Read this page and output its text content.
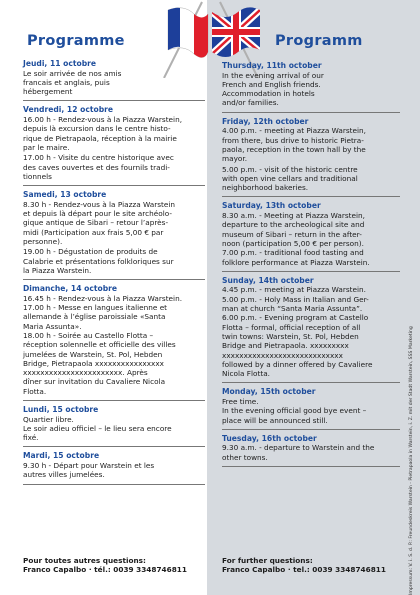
Programme
Jeudi, 11 octobre

Le soir arrivée de nos amis
francais et anglais, puis
hébergement

Vendredi, 12 octobre

16.00 h - Rendez-vous à la Piazza Warstein,
depuis là excursion dans le centre histo-
rique de Pietrapaola, réception à la mairie
par le maire.

17.00 h - Visite du centre historique avec
des caves ouvertes et des fournils tradi-
tionnels

Samedi, 13 octobre

8.30 h - Rendez-vous à la Piazza Warstein
et depuis là départ pour le site archéolo-
gique antique de Sibari – retour l’après-
midi (Participation aux frais 5,00 € par
personne).

19.00 h - Dégustation de produits de
Calabrie et présentations folkloriques sur
la Piazza Warstein.

Dimanche, 14 octobre

16.45 h - Rendez-vous à la Piazza Warstein.
17.00 h - Messe en langues italienne et
allemande à l’église paroissiale «Santa
Maria Assunta».
18.00 h - Soirée au Castello Flotta –
réception solennelle et officielle des villes
jumelées de Warstein, St. Pol, Hebden
Bridge, Pietrapaola xxxxxxxxxxxxxxxx
xxxxxxxxxxxxxxxxxxxxxxx. Après
dîner sur invitation du Cavaliere Nicola
Flotta.

Lundi, 15 octobre

Quartier libre.
Le soir adieu officiel – le lieu sera encore
fixé.

Mardi, 15 octobre

9.30 h - Départ pour Warstein et les
autres villes jumelées.

Pour toutes autres questions:
Franco Capalbo · tél.: 0039 3348746811
Programm
Thursday, 11th october

In the evening arrival of our
French and English friends.
Accommodation in hotels
and/or families.

Friday, 12th october

4.00 p.m. - meeting at Piazza Warstein,
from there, bus drive to historic Pietra-
paola, reception in the town hall by the
mayor.

5.00 p.m. - visit of the historic centre
with open vine cellars and traditional
neighborhood bakeries.

Saturday, 13th october

8.30 a.m. - Meeting at Piazza Warstein,
departure to the archeological site and
museum of Sibari – return in the after-
noon (participation 5,00 € per person).
7.00 p.m. - traditional food tasting and
folklore performance at Piazza Warstein.

Sunday, 14th october

4.45 p.m. - meeting at Piazza Warstein.
5.00 p.m. - Holy Mass in Italian and Ger-
man at church “Santa Maria Assunta”.
6.00 p.m. - Evening program at Castello
Flotta – formal, official reception of all
twin towns: Warstein, St. Pol, Hebden
Bridge and Pietrapaola. xxxxxxxxx
xxxxxxxxxxxxxxxxxxxxxxxxxxxx
followed by a dinner offered by Cavaliere
Nicola Flotta.

Monday, 15th october

Free time.
In the evening official good bye event –
place will be announced still.

Tuesday, 16th october

9.30 a.m. - departure to Warstein and the
other towns.

For further questions:
Franco Capalbo · tel.: 0039 3348746811	Impressum: V. i. S. d. P.: Freundeskreis Warstein - Pietrapaola in Warstein, i. Z. mit der Stadt Warstein, SSS Marketing
